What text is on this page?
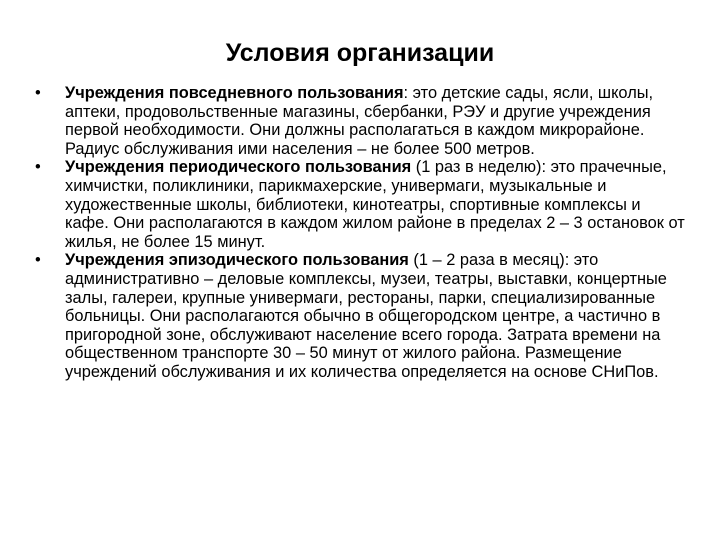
Условия организации
•	Учреждения повседневного пользования: это детские сады, ясли, школы, аптеки, продовольственные магазины, сбербанки, РЭУ и другие учреждения первой необходимости. Они должны располагаться в каждом микрорайоне. Радиус обслуживания ими населения – не более 500 метров.
•	Учреждения периодического пользования (1 раз в неделю): это прачечные, химчистки, поликлиники, парикмахерские, универмаги, музыкальные и художественные школы, библиотеки, кинотеатры, спортивные комплексы и кафе. Они располагаются в каждом жилом районе в пределах 2 – 3 остановок от жилья, не более 15 минут.
•	Учреждения эпизодического пользования (1 – 2 раза в месяц): это административно – деловые комплексы, музеи, театры, выставки, концертные залы, галереи, крупные универмаги, рестораны, парки, специализированные больницы. Они располагаются обычно в общегородском центре, а частично в пригородной зоне, обслуживают население всего города. Затрата времени на общественном транспорте 30 – 50 минут от жилого района. Размещение учреждений обслуживания и их количества определяется на основе СНиПов.
